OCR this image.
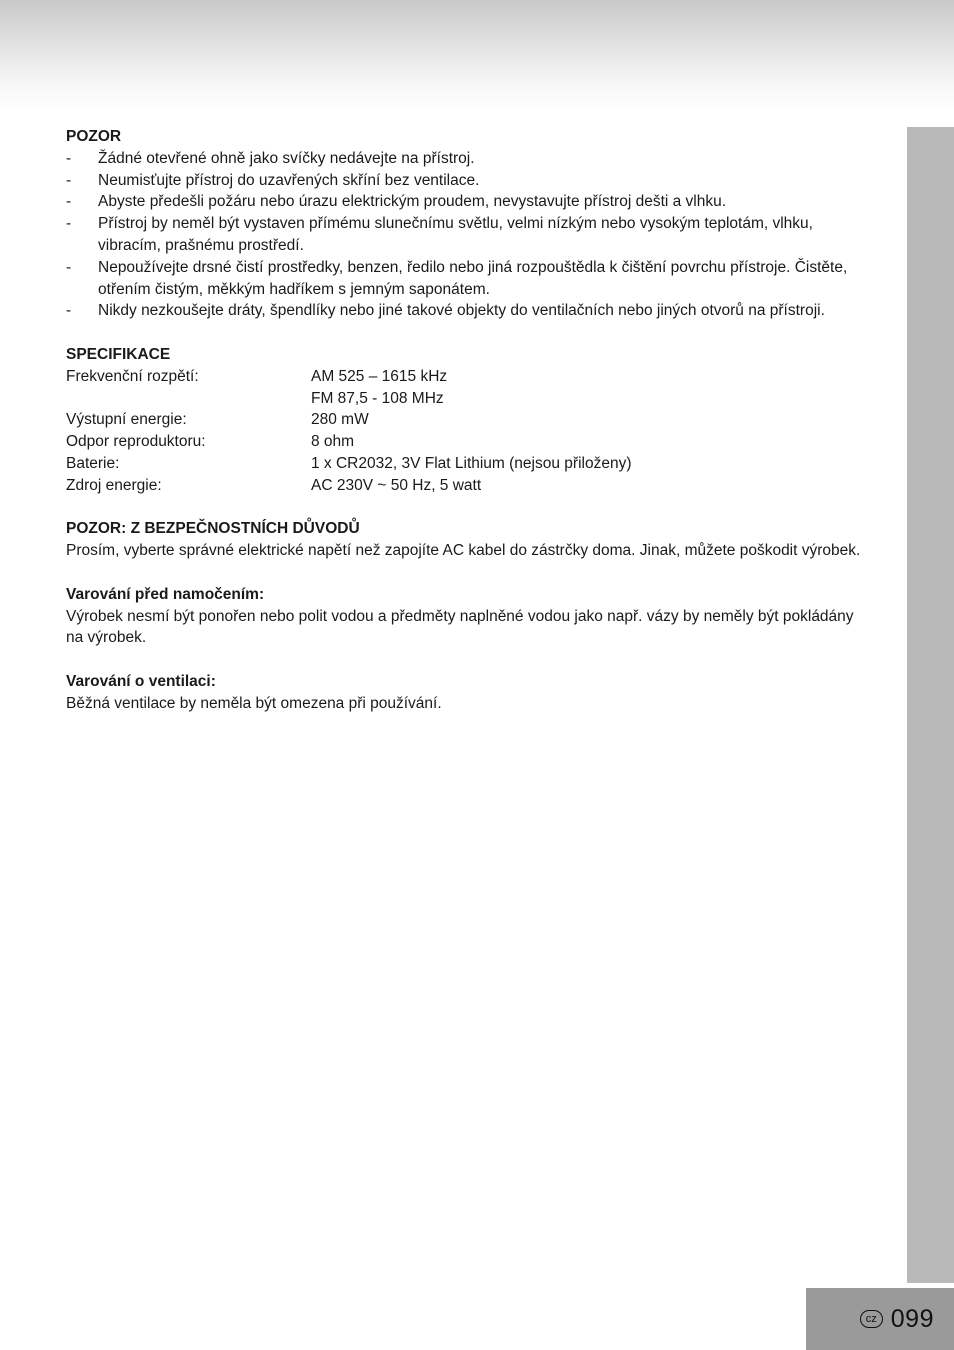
POZOR
- Žádné otevřené ohně jako svíčky nedávejte na přístroj.
- Neumisťujte přístroj do uzavřených skříní bez ventilace.
- Abyste předešli požáru nebo úrazu elektrickým proudem, nevystavujte přístroj dešti a vlhku.
- Přístroj by neměl být vystaven přímému slunečnímu světlu, velmi nízkým nebo vysokým teplotám, vlhku, vibracím, prašnému prostředí.
- Nepoužívejte drsné čistí prostředky, benzen, ředilo nebo jiná rozpouštědla k čištění povrchu přístroje. Čistěte, otřením čistým, měkkým hadříkem s jemným saponátem.
- Nikdy nezkoušejte dráty, špendlíky nebo jiné takové objekty do ventilačních nebo jiných otvorů na přístroji.
SPECIFIKACE
Frekvenční rozpětí:	AM 525 – 1615 kHz
FM 87,5 - 108 MHz
Výstupní energie:	280 mW
Odpor reproduktoru:	8 ohm
Baterie:	1 x CR2032, 3V Flat Lithium (nejsou přiloženy)
Zdroj energie:	AC 230V ~ 50 Hz, 5 watt
POZOR: Z BEZPEČNOSTNÍCH DŮVODŮ
Prosím, vyberte správné elektrické napětí než zapojíte AC kabel do zástrčky doma. Jinak, můžete poškodit výrobek.
Varování před namočením:
Výrobek nesmí být ponořen nebo polit vodou a předměty naplněné vodou jako např. vázy by neměly být pokládány na výrobek.
Varování o ventilaci:
Běžná ventilace by neměla být omezena při používání.
cz 099
